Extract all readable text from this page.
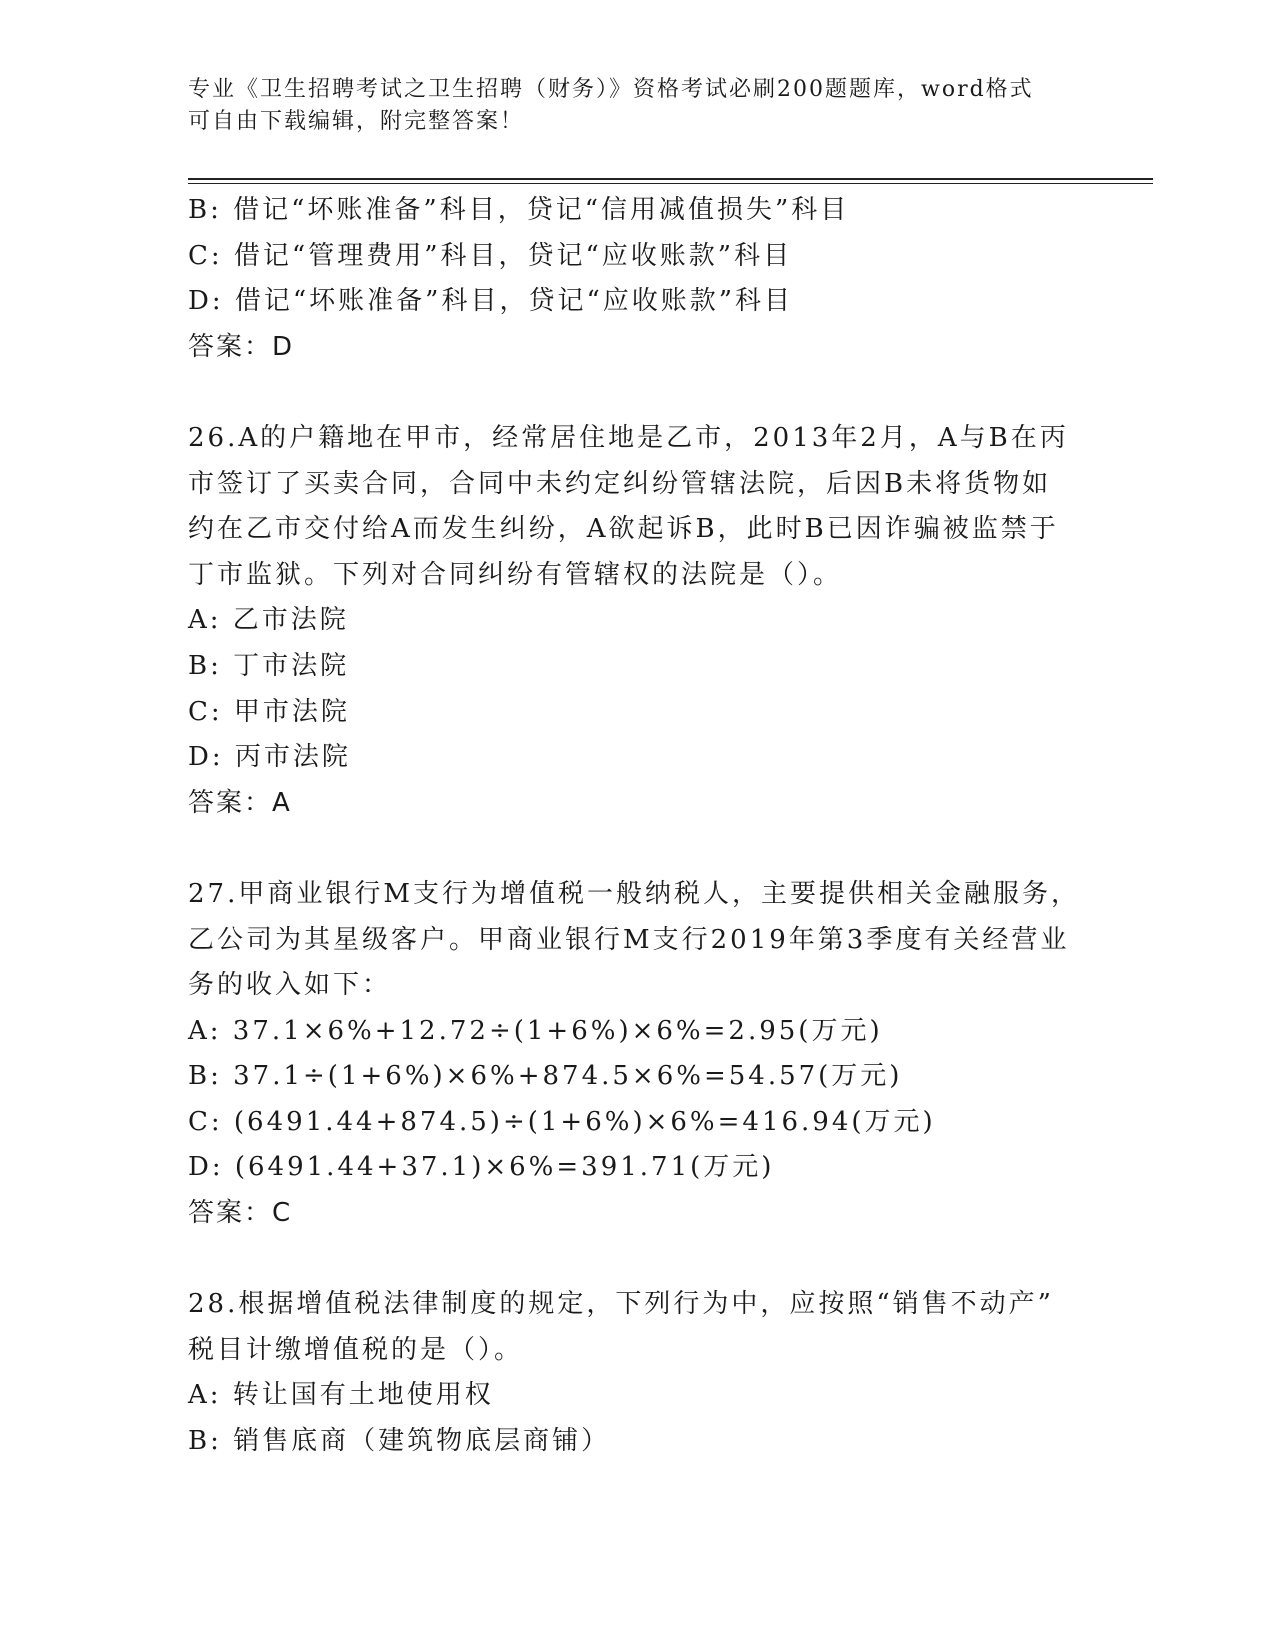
专业《卫生招聘考试之卫生招聘（财务）》资格考试必刷200题题库，word格式
可自由下载编辑，附完整答案！
B: 借记“坏账准备”科目，贷记“信用减值损失”科目
C: 借记“管理费用”科目，贷记“应收账款”科目
D: 借记“坏账准备”科目，贷记“应收账款”科目
答案：D
26.A的户籍地在甲市，经常居住地是乙市，2013年2月，A与B在丙
市签订了买卖合同，合同中未约定纠纷管辖法院，后因B未将货物如
约在乙市交付给A而发生纠纷，A欲起诉B，此时B已因诈骗被监禁于
丁市监狱。下列对合同纠纷有管辖权的法院是（）。
A: 乙市法院
B: 丁市法院
C: 甲市法院
D: 丙市法院
答案：A
27.甲商业银行M支行为增值税一般纳税人，主要提供相关金融服务，
乙公司为其星级客户。甲商业银行M支行2019年第3季度有关经营业
务的收入如下：
A: 37.1×6%+12.72÷(1+6%)×6%=2.95(万元)
B: 37.1÷(1+6%)×6%+874.5×6%=54.57(万元)
C: (6491.44+874.5)÷(1+6%)×6%=416.94(万元)
D: (6491.44+37.1)×6%=391.71(万元)
答案：C
28.根据增值税法律制度的规定，下列行为中，应按照“销售不动产”
税目计缴增值税的是（）。
A: 转让国有土地使用权
B: 销售底商（建筑物底层商铺）
